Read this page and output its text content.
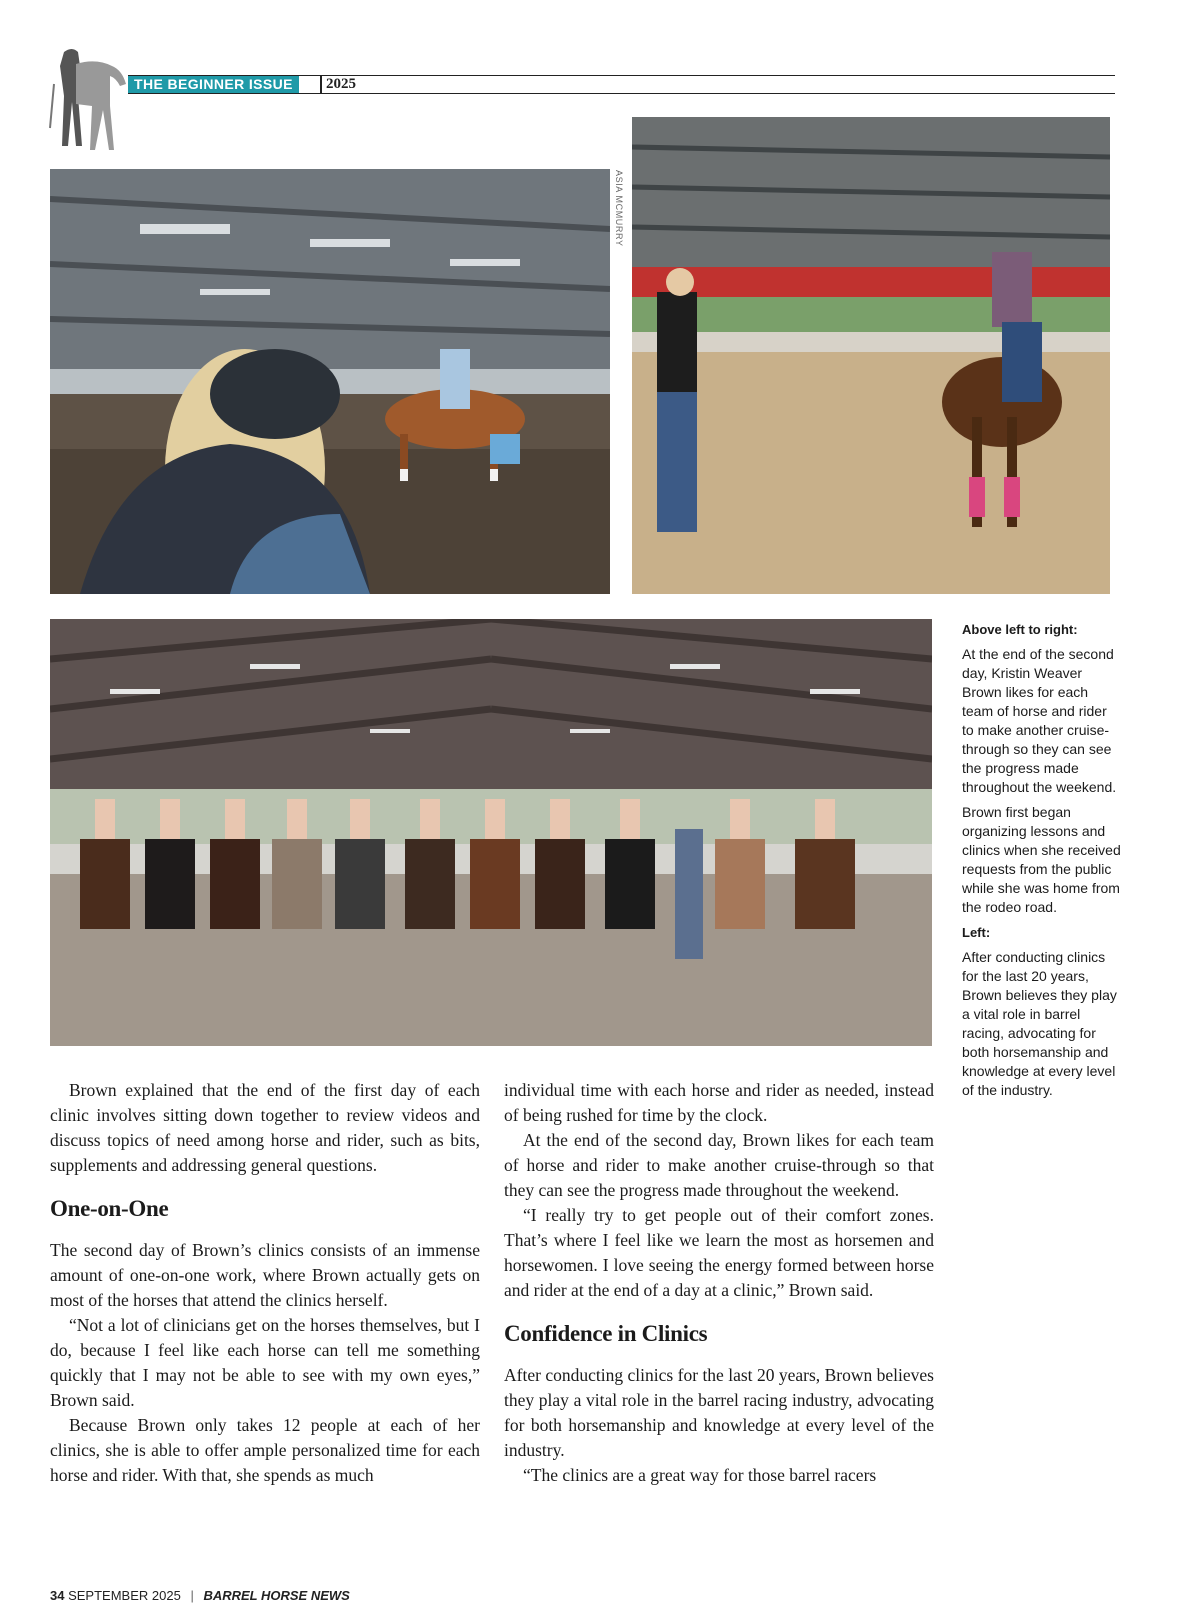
THE BEGINNER ISSUE	2025
ASIA MCMURRY

Above left to right:

At the end of the second day, Kristin Weaver Brown likes for each team of horse and rider to make another cruise-through so they can see the progress made throughout the weekend.

Brown first began organizing lessons and clinics when she received requests from the public while she was home from the rodeo road.

Left:

After conducting clinics for the last 20 years, Brown believes they play a vital role in barrel racing, advocating for both horsemanship and knowledge at every level of the industry.

Brown explained that the end of the first day of each clinic involves sitting down together to review videos and discuss topics of need among horse and rider, such as bits, supplements and addressing general questions.

One-on-One

The second day of Brown’s clinics consists of an immense amount of one-on-one work, where Brown actually gets on most of the horses that attend the clinics herself.

“Not a lot of clinicians get on the horses themselves, but I do, because I feel like each horse can tell me something quickly that I may not be able to see with my own eyes,” Brown said.

Because Brown only takes 12 people at each of her clinics, she is able to offer ample personalized time for each horse and rider. With that, she spends as much

individual time with each horse and rider as needed, instead of being rushed for time by the clock.

At the end of the second day, Brown likes for each team of horse and rider to make another cruise-through so that they can see the progress made throughout the weekend.

“I really try to get people out of their comfort zones. That’s where I feel like we learn the most as horsemen and horsewomen. I love seeing the energy formed between horse and rider at the end of a day at a clinic,” Brown said.

Confidence in Clinics

After conducting clinics for the last 20 years, Brown believes they play a vital role in the barrel racing industry, advocating for both horsemanship and knowledge at every level of the industry.

“The clinics are a great way for those barrel racers

34 SEPTEMBER 2025 | BARREL HORSE NEWS
